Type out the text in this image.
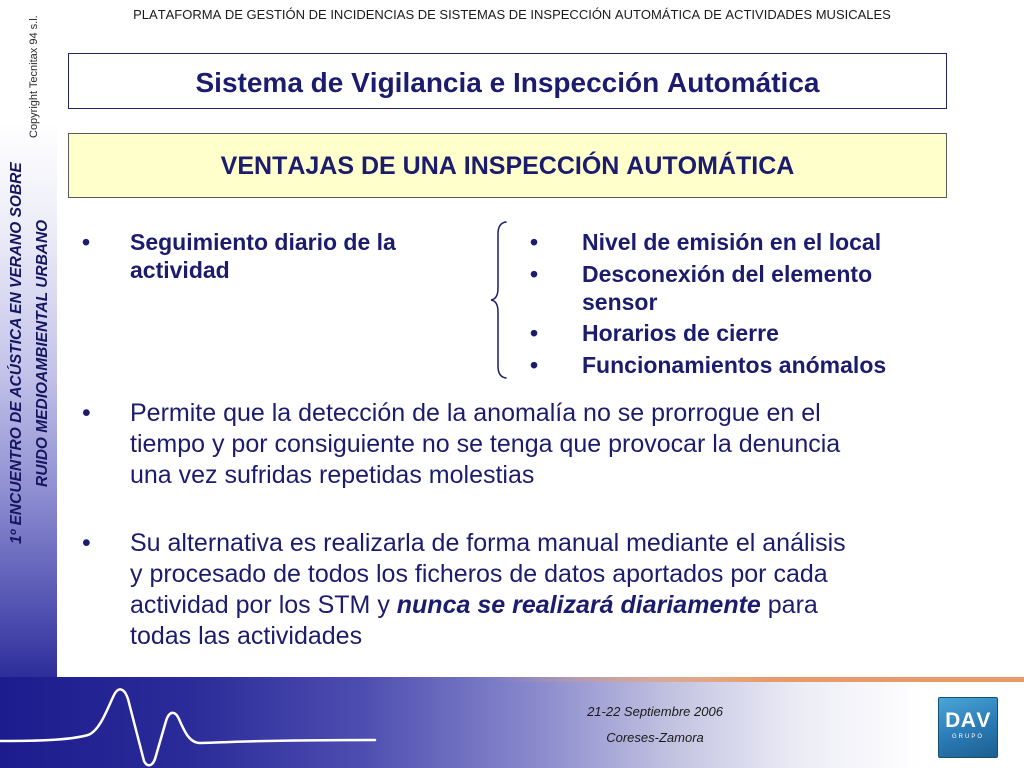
Copyright Tecnitax 94 s.l.
1º ENCUENTRO DE ACÚSTICA EN VERANO SOBRE RUIDO MEDIOAMBIENTAL URBANO
PLATAFORMA DE GESTIÓN DE INCIDENCIAS DE SISTEMAS DE INSPECCIÓN AUTOMÁTICA DE ACTIVIDADES MUSICALES
Sistema de Vigilancia e Inspección Automática
VENTAJAS DE UNA INSPECCIÓN AUTOMÁTICA
• Seguimiento diario de la actividad
• Nivel de emisión en el local
• Desconexión del elemento sensor
• Horarios de cierre
• Funcionamientos anómalos
• Permite que la detección de la anomalía no se prorrogue en el tiempo y por consiguiente no se tenga que provocar la denuncia una vez sufridas repetidas molestias
• Su alternativa es realizarla de forma manual mediante el análisis y procesado de todos los ficheros de datos aportados por cada actividad por los STM y nunca se realizará diariamente para todas las actividades
21-22 Septiembre 2006
Coreses-Zamora
DAV
GRUPO
